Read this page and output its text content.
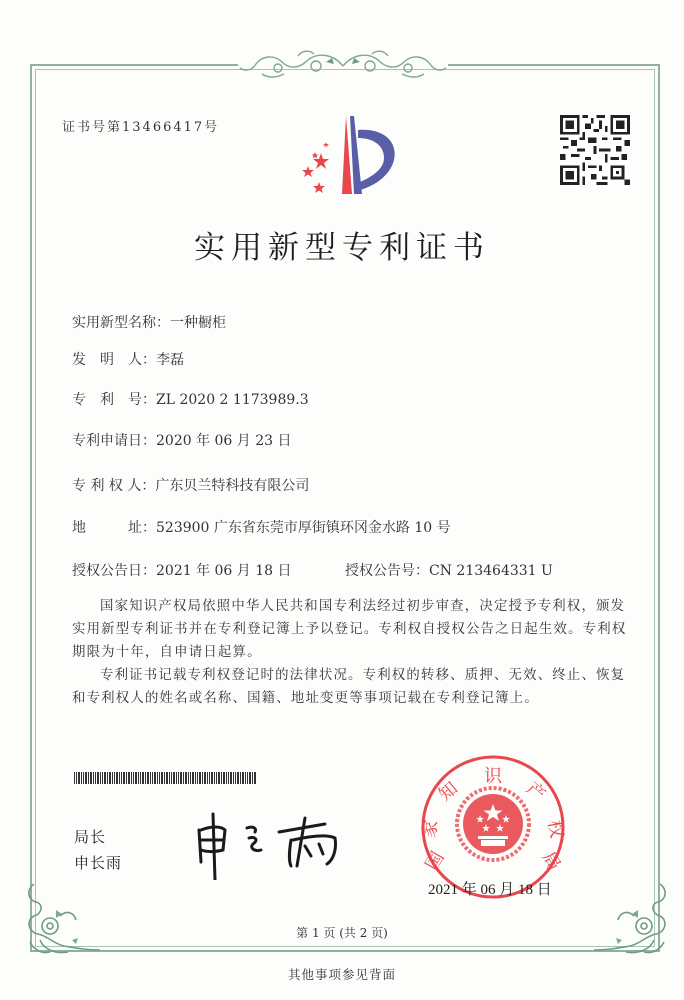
证书号第13466417号
实用新型专利证书
实用新型名称：一种橱柜
发　明　人：李磊
专　利　号：ZL 2020 2 1173989.3
专利申请日：2020 年 06 月 23 日
专 利 权 人：广东贝兰特科技有限公司
地　　　址：523900 广东省东莞市厚街镇环冈金水路 10 号
授权公告日：2021 年 06 月 18 日	授权公告号：CN 213464331 U

国家知识产权局依照中华人民共和国专利法经过初步审查，决定授予专利权，颁发实用新型专利证书并在专利登记簿上予以登记。专利权自授权公告之日起生效。专利权期限为十年，自申请日起算。

专利证书记载专利权登记时的法律状况。专利权的转移、质押、无效、终止、恢复和专利权人的姓名或名称、国籍、地址变更等事项记载在专利登记簿上。

局长
申长雨	国
家
知
识
产
权
局
2021 年 06 月 18 日
第 1 页 (共 2 页)
其他事项参见背面
